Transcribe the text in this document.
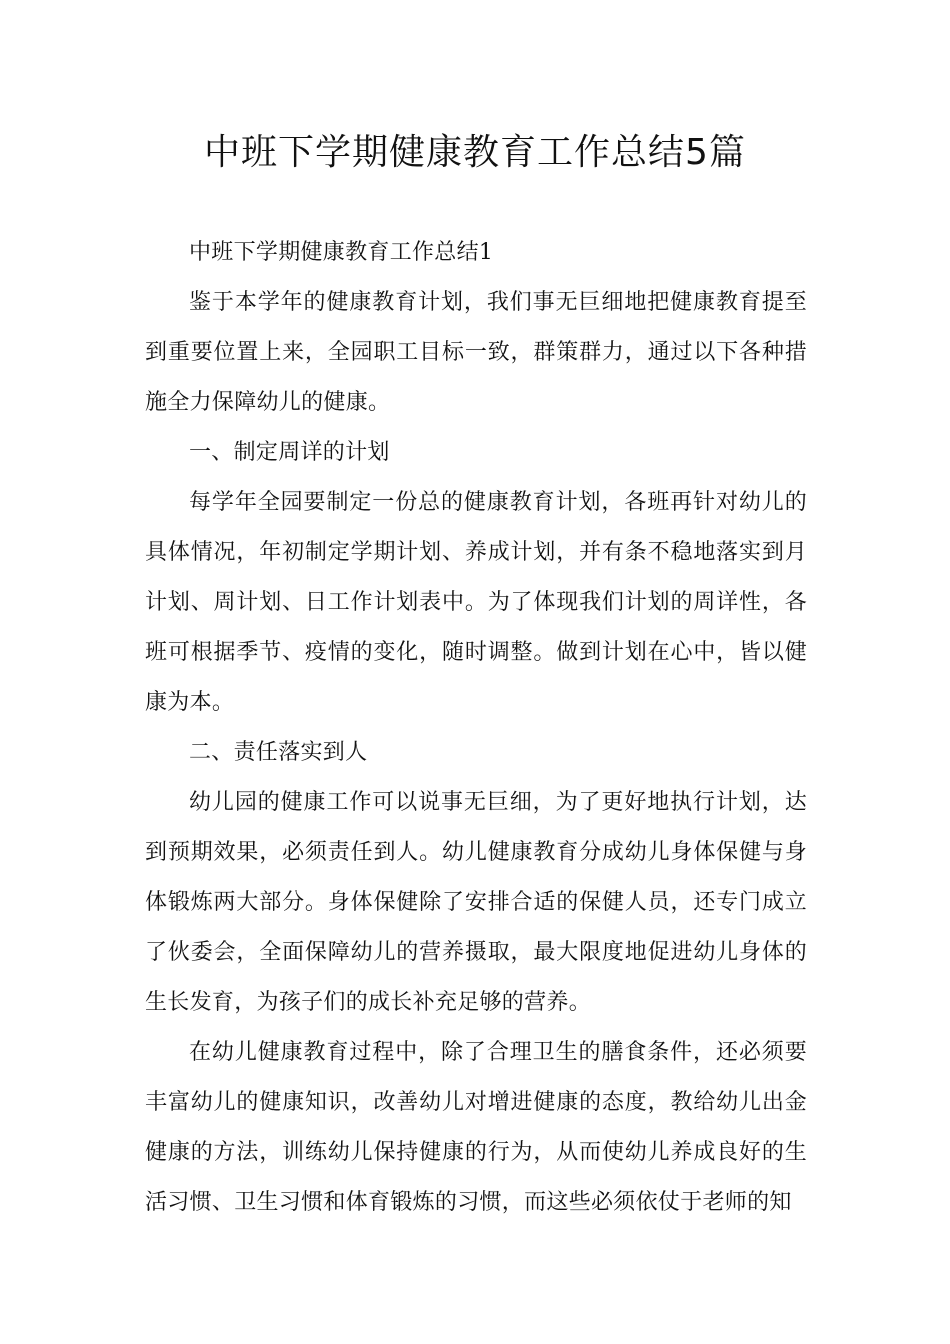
中班下学期健康教育工作总结5篇

中班下学期健康教育工作总结1

鉴于本学年的健康教育计划，我们事无巨细地把健康教育提至到重要位置上来，全园职工目标一致，群策群力，通过以下各种措施全力保障幼儿的健康。

一、制定周详的计划

每学年全园要制定一份总的健康教育计划，各班再针对幼儿的具体情况，年初制定学期计划、养成计划，并有条不稳地落实到月计划、周计划、日工作计划表中。为了体现我们计划的周详性，各班可根据季节、疫情的变化，随时调整。做到计划在心中，皆以健康为本。

二、责任落实到人

幼儿园的健康工作可以说事无巨细，为了更好地执行计划，达到预期效果，必须责任到人。幼儿健康教育分成幼儿身体保健与身体锻炼两大部分。身体保健除了安排合适的保健人员，还专门成立了伙委会，全面保障幼儿的营养摄取，最大限度地促进幼儿身体的生长发育，为孩子们的成长补充足够的营养。

在幼儿健康教育过程中，除了合理卫生的膳食条件，还必须要丰富幼儿的健康知识，改善幼儿对增进健康的态度，教给幼儿出金健康的方法，训练幼儿保持健康的行为，从而使幼儿养成良好的生活习惯、卫生习惯和体育锻炼的习惯，而这些必须依仗于老师的知
